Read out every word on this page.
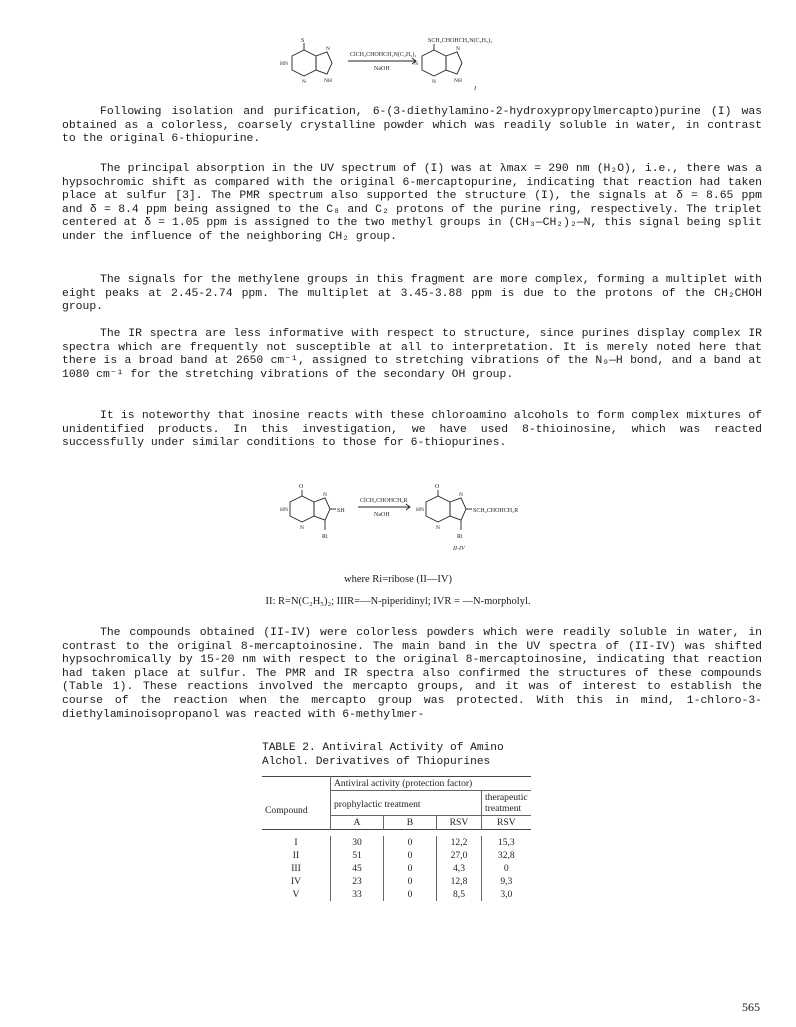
S
HN
N
N	NH
ClCH₂CHOHCH₂N(C₂H₅)₂
NaOH
N
N
N	NH
SCH₂CHOHCH₂N(C₂H₅)₂
I

Following isolation and purification, 6-(3-diethylamino-2-hydroxypropylmercapto)purine (I) was obtained as a colorless, coarsely crystalline powder which was readily soluble in water, in contrast to the original 6-thiopurine.

The principal absorption in the UV spectrum of (I) was at λmax = 290 nm (H₂O), i.e., there was a hypsochromic shift as compared with the original 6-mercaptopurine, indicating that reaction had taken place at sulfur [3]. The PMR spectrum also supported the structure (I), the signals at δ = 8.65 ppm and δ = 8.4 ppm being assigned to the C₈ and C₂ protons of the purine ring, respectively. The triplet centered at δ = 1.05 ppm is assigned to the two methyl groups in (CH₃—CH₂)₂—N, this signal being split under the influence of the neighboring CH₂ group.

The signals for the methylene groups in this fragment are more complex, forming a multiplet with eight peaks at 2.45-2.74 ppm. The multiplet at 3.45-3.88 ppm is due to the protons of the CH₂CHOH group.

The IR spectra are less informative with respect to structure, since purines display complex IR spectra which are frequently not susceptible at all to interpretation. It is merely noted here that there is a broad band at 2650 cm⁻¹, assigned to stretching vibrations of the N₉—H bond, and a band at 1080 cm⁻¹ for the stretching vibrations of the secondary OH group.

It is noteworthy that inosine reacts with these chloroamino alcohols to form complex mixtures of unidentified products. In this investigation, we have used 8-thioinosine, which was reacted successfully under similar conditions to those for 6-thiopurines.

O
HN
N
N
SH
Ri
ClCH₂CHOHCH₂R
NaOH
O
HN
N
N
SCH₂CHOHCH₂R
Ri
II-IV
where Ri=ribose (II—IV)
II: R=N(C₂H₅)₂; IIIR=—N-piperidinyl; IVR = —N-morpholyl.

The compounds obtained (II-IV) were colorless powders which were readily soluble in water, in contrast to the original 8-mercaptoinosine. The main band in the UV spectra of (II-IV) was shifted hypsochromically by 15-20 nm with respect to the original 8-mercaptoinosine, indicating that reaction had taken place at sulfur. The PMR and IR spectra also confirmed the structures of these compounds (Table 1). These reactions involved the mercapto groups, and it was of interest to establish the course of the reaction when the mercapto group was protected. With this in mind, 1-chloro-3-diethylaminoisopropanol was reacted with 6-methylmer-

TABLE 2. Antiviral Activity of Amino
Alchol. Derivatives of Thiopurines
Compound	Antiviral activity (protection factor)			
	prophylactic treatment			therapeutic treatment
	A	B	RSV	RSV

I	30	0	12,2	15,3
II	51	0	27,0	32,8
III	45	0	4,3	0
IV	23	0	12,8	9,3
V	33	0	8,5	3,0

565
